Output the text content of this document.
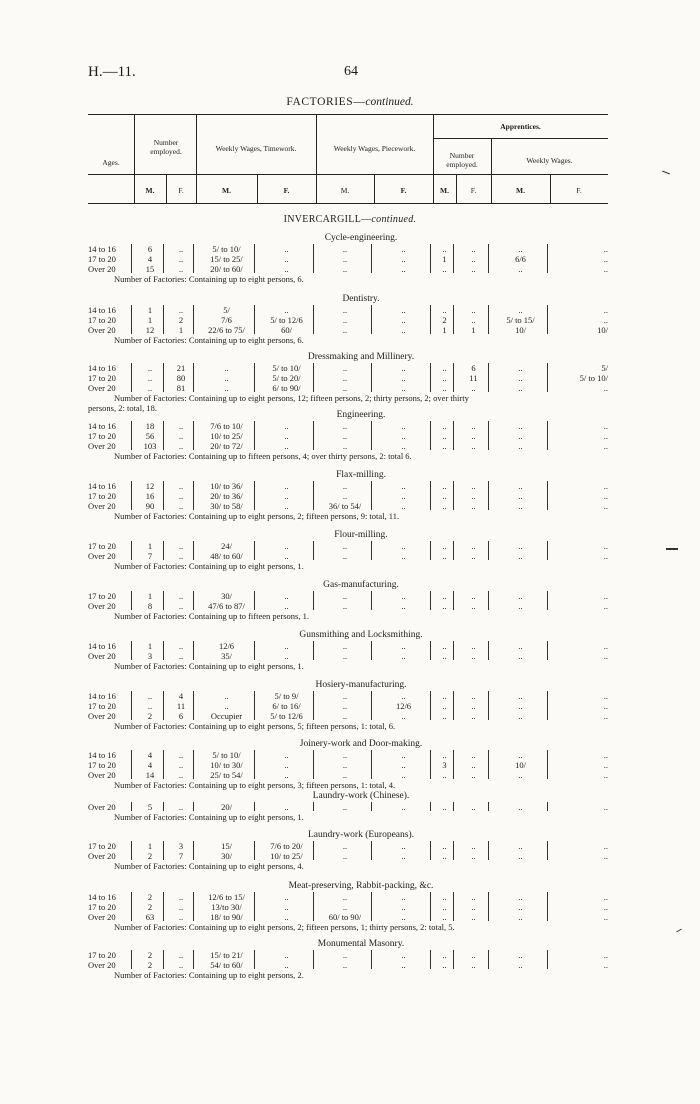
H.—11.	64
FACTORIES—continued.
Ages.
Number employed.	Weekly Wages, Timework.	Weekly Wages, Piecework.
Apprentices.
Number employed.	Weekly Wages.
M.	F.	M.	F.	M.	F.	M.	F.	M.	F.
INVERCARGILL—continued.
Cycle-engineering.
14 to 16	6	..	5/ to 10/	..	..	..	..	..	..	..
17 to 20	4	..	15/ to 25/	..	..	..	1	..	6/6	..
Over 20	15	..	20/ to 60/	..	..	..	..	..	..	..
Number of Factories: Containing up to eight persons, 6.
Dentistry.
14 to 16	1	..	5/	..	..	..	..	..	..	..
17 to 20	1	2	7/6	5/ to 12/6	..	..	2	..	5/ to 15/	..
Over 20	12	1	22/6 to 75/	60/	..	..	1	1	10/	10/
Number of Factories: Containing up to eight persons, 6.
Dressmaking and Millinery.
14 to 16	..	21	..	5/ to 10/	..	..	..	6	..	5/
17 to 20	..	80	..	5/ to 20/	..	..	..	11	..	5/ to 10/
Over 20	..	81	..	6/ to 90/	..	..	..	..	..	..
Number of Factories: Containing up to eight persons, 12; fifteen persons, 2; thirty persons, 2; over thirty
persons, 2: total, 18.
Engineering.
14 to 16	18	..	7/6 to 10/	..	..	..	..	..	..	..
17 to 20	56	..	10/ to 25/	..	..	..	..	..	..	..
Over 20	103	..	20/ to 72/	..	..	..	..	..	..	..
Number of Factories: Containing up to fifteen persons, 4; over thirty persons, 2: total 6.
Flax-milling.
14 to 16	12	..	10/ to 36/	..	..	..	..	..	..	..
17 to 20	16	..	20/ to 36/	..	..	..	..	..	..	..
Over 20	90	..	30/ to 58/	..	36/ to 54/	..	..	..	..	..
Number of Factories: Containing up to eight persons, 2; fifteen persons, 9: total, 11.
Flour-milling.
17 to 20	1	..	24/	..	..	..	..	..	..	..
Over 20	7	..	48/ to 60/	..	..	..	..	..	..	..
Number of Factories: Containing up to eight persons, 1.
Gas-manufacturing.
17 to 20	1	..	30/	..	..	..	..	..	..	..
Over 20	8	..	47/6 to 87/	..	..	..	..	..	..	..
Number of Factories: Containing up to fifteen persons, 1.
Gunsmithing and Locksmithing.
14 to 16	1	..	12/6	..	..	..	..	..	..	..
Over 20	3	..	35/	..	..	..	..	..	..	..
Number of Factories: Containing up to eight persons, 1.
Hosiery-manufacturing.
14 to 16	..	4	..	5/ to 9/	..	..	..	..	..	..
17 to 20	..	11	..	6/ to 16/	..	12/6	..	..	..	..
Over 20	2	6	Occupier	5/ to 12/6	..	..	..	..	..	..
Number of Factories: Containing up to eight persons, 5; fifteen persons, 1: total, 6.
Joinery-work and Door-making.
14 to 16	4	..	5/ to 10/	..	..	..	..	..	..	..
17 to 20	4	..	10/ to 30/	..	..	..	3	..	10/	..
Over 20	14	..	25/ to 54/	..	..	..	..	..	..	..
Number of Factories: Containing up to eight persons, 3; fifteen persons, 1: total, 4.
Laundry-work (Chinese).
Over 20	5	..	20/	..	..	..	..	..	..	..
Number of Factories: Containing up to eight persons, 1.
Laundry-work (Europeans).
17 to 20	1	3	15/	7/6 to 20/	..	..	..	..	..	..
Over 20	2	7	30/	10/ to 25/	..	..	..	..	..	..
Number of Factories: Containing up to eight persons, 4.
Meat-preserving, Rabbit-packing, &c.
14 to 16	2	..	12/6 to 15/	..	..	..	..	..	..	..
17 to 20	2	..	13/to 30/	..	..	..	..	..	..	..
Over 20	63	..	18/ to 90/	..	60/ to 90/	..	..	..	..	..
Number of Factories: Containing up to eight persons, 2; fifteen persons, 1; thirty persons, 2: total, 5.
Monumental Masonry.
17 to 20	2	..	15/ to 21/	..	..	..	..	..	..	..
Over 20	2	..	54/ to 60/	..	..	..	..	..	..	..
Number of Factories: Containing up to eight persons, 2.
